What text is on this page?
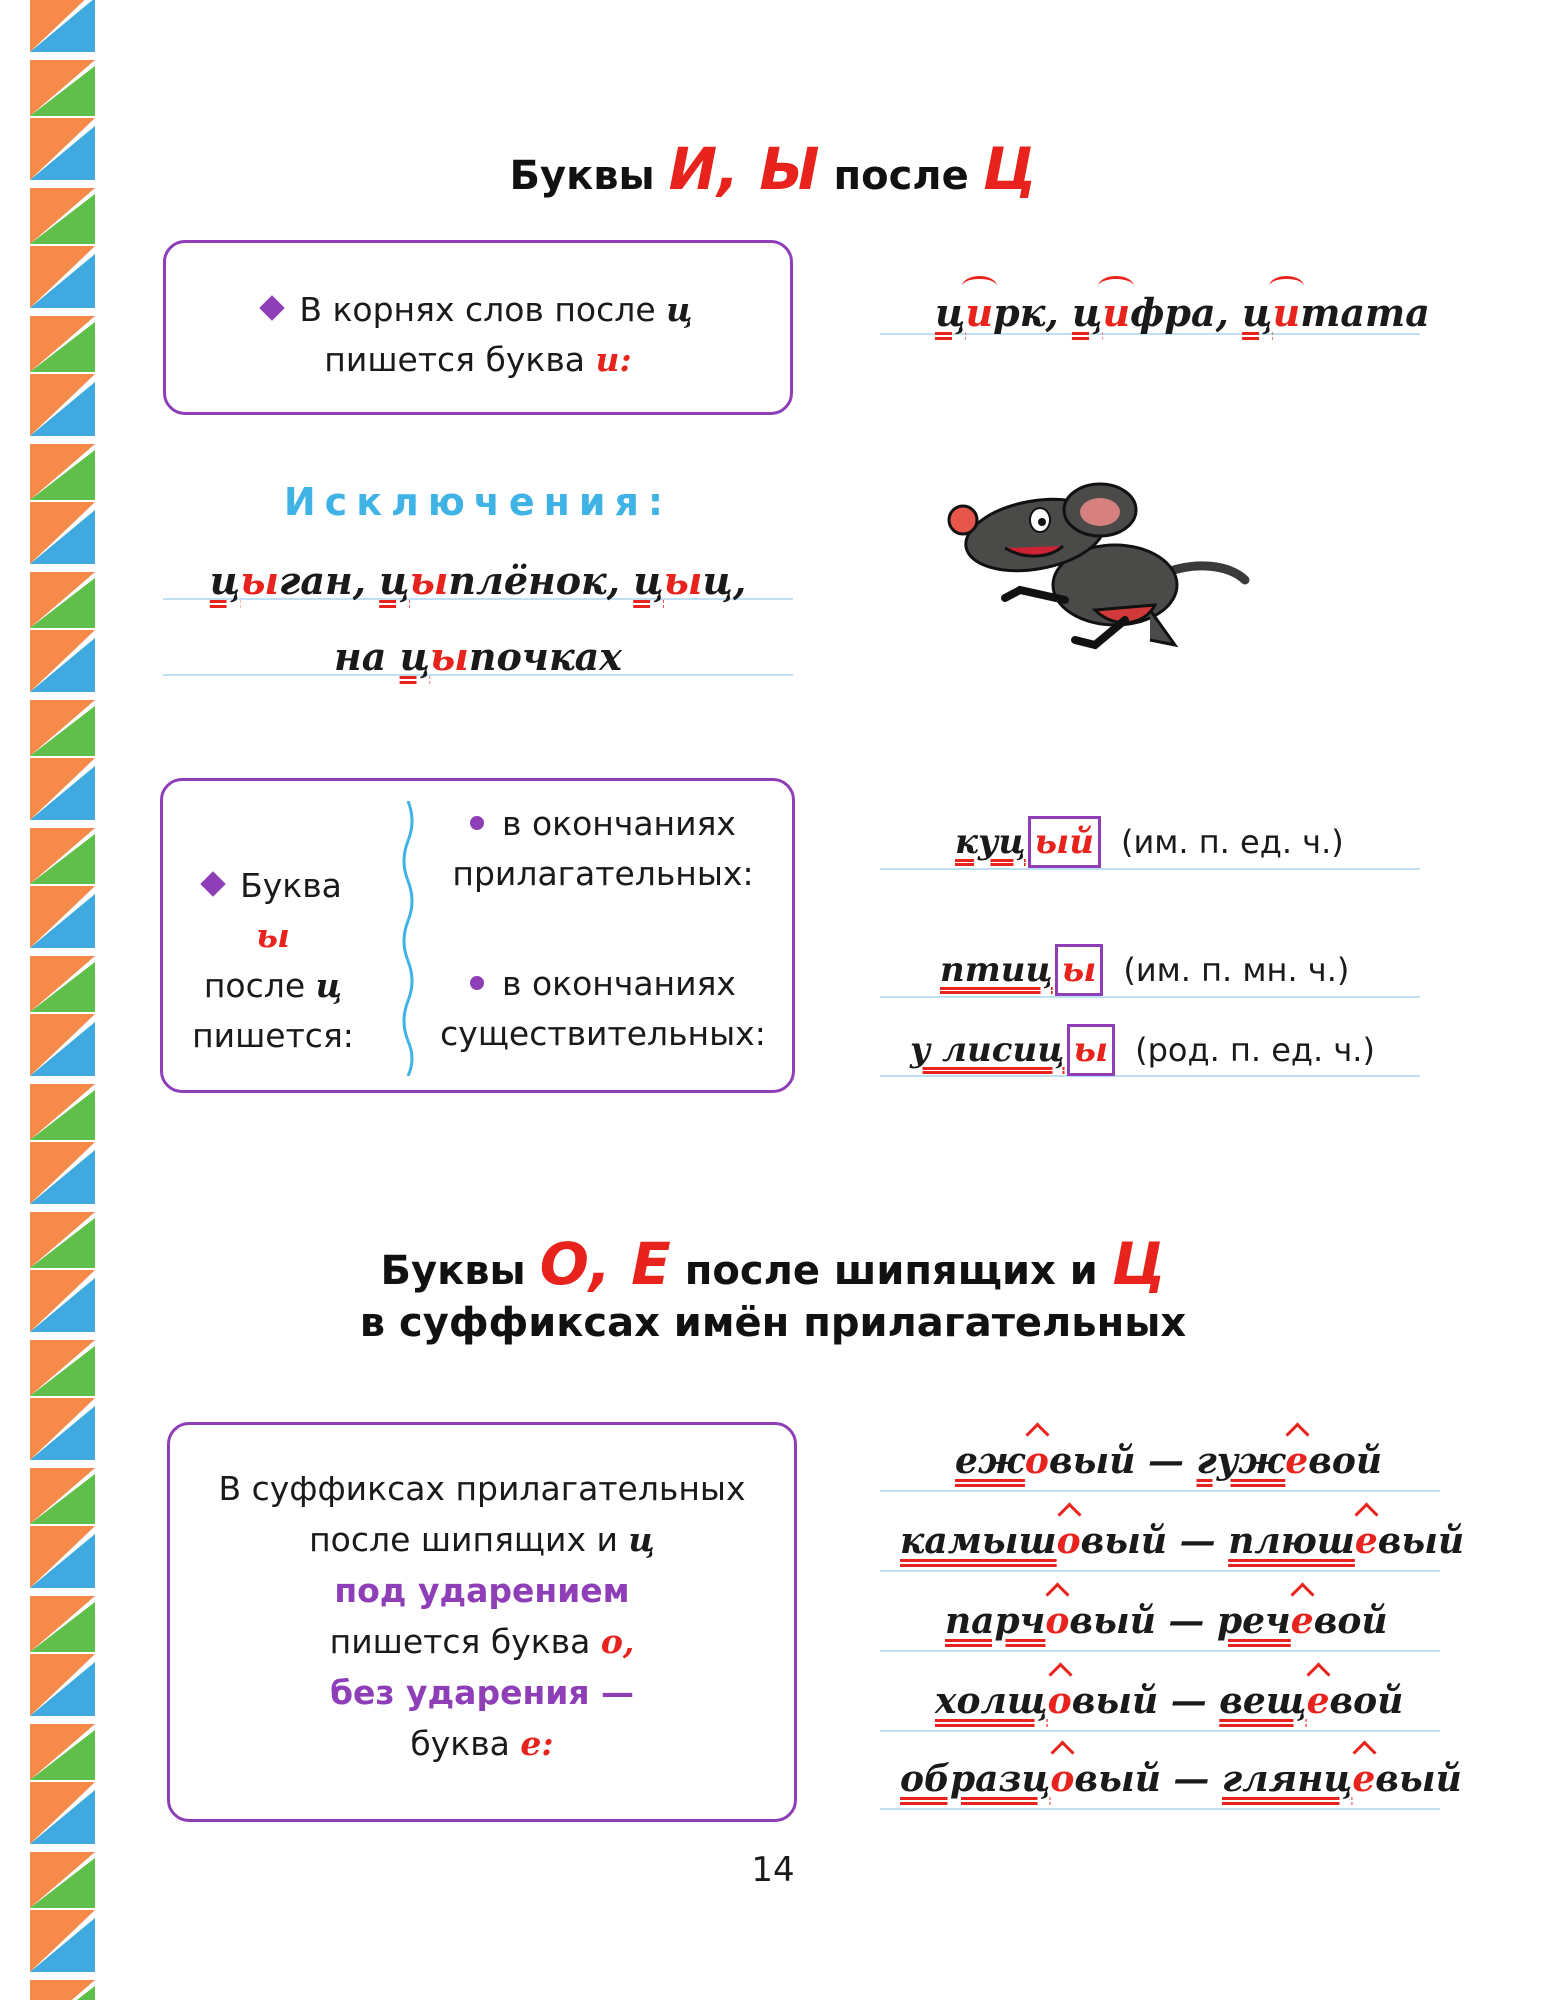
Буквы И, Ы после Ц
В корнях слов после ц
пишется буква и:
цирк, цифра, цитата
Исключения:
цыган, цыплёнок, цыц,
на цыпочках
Буква ы
после ц
пишется:
в окончаниях
прилагательных:
в окончаниях
существительных:
куц ый (им. п. ед. ч.)
птиц ы (им. п. мн. ч.)
у лисиц ы (род. п. ед. ч.)
Буквы О, Е после шипящих и Ц
в суффиксах имён прилагательных
В суффиксах прилагательных
после шипящих и ц
под ударением
пишется буква о,
без ударения —
буква е:
ежовый — гужевой
камышовый — плюшевый
парчовый — речевой
холщовый — вещевой
образцовый — глянцевый
14
